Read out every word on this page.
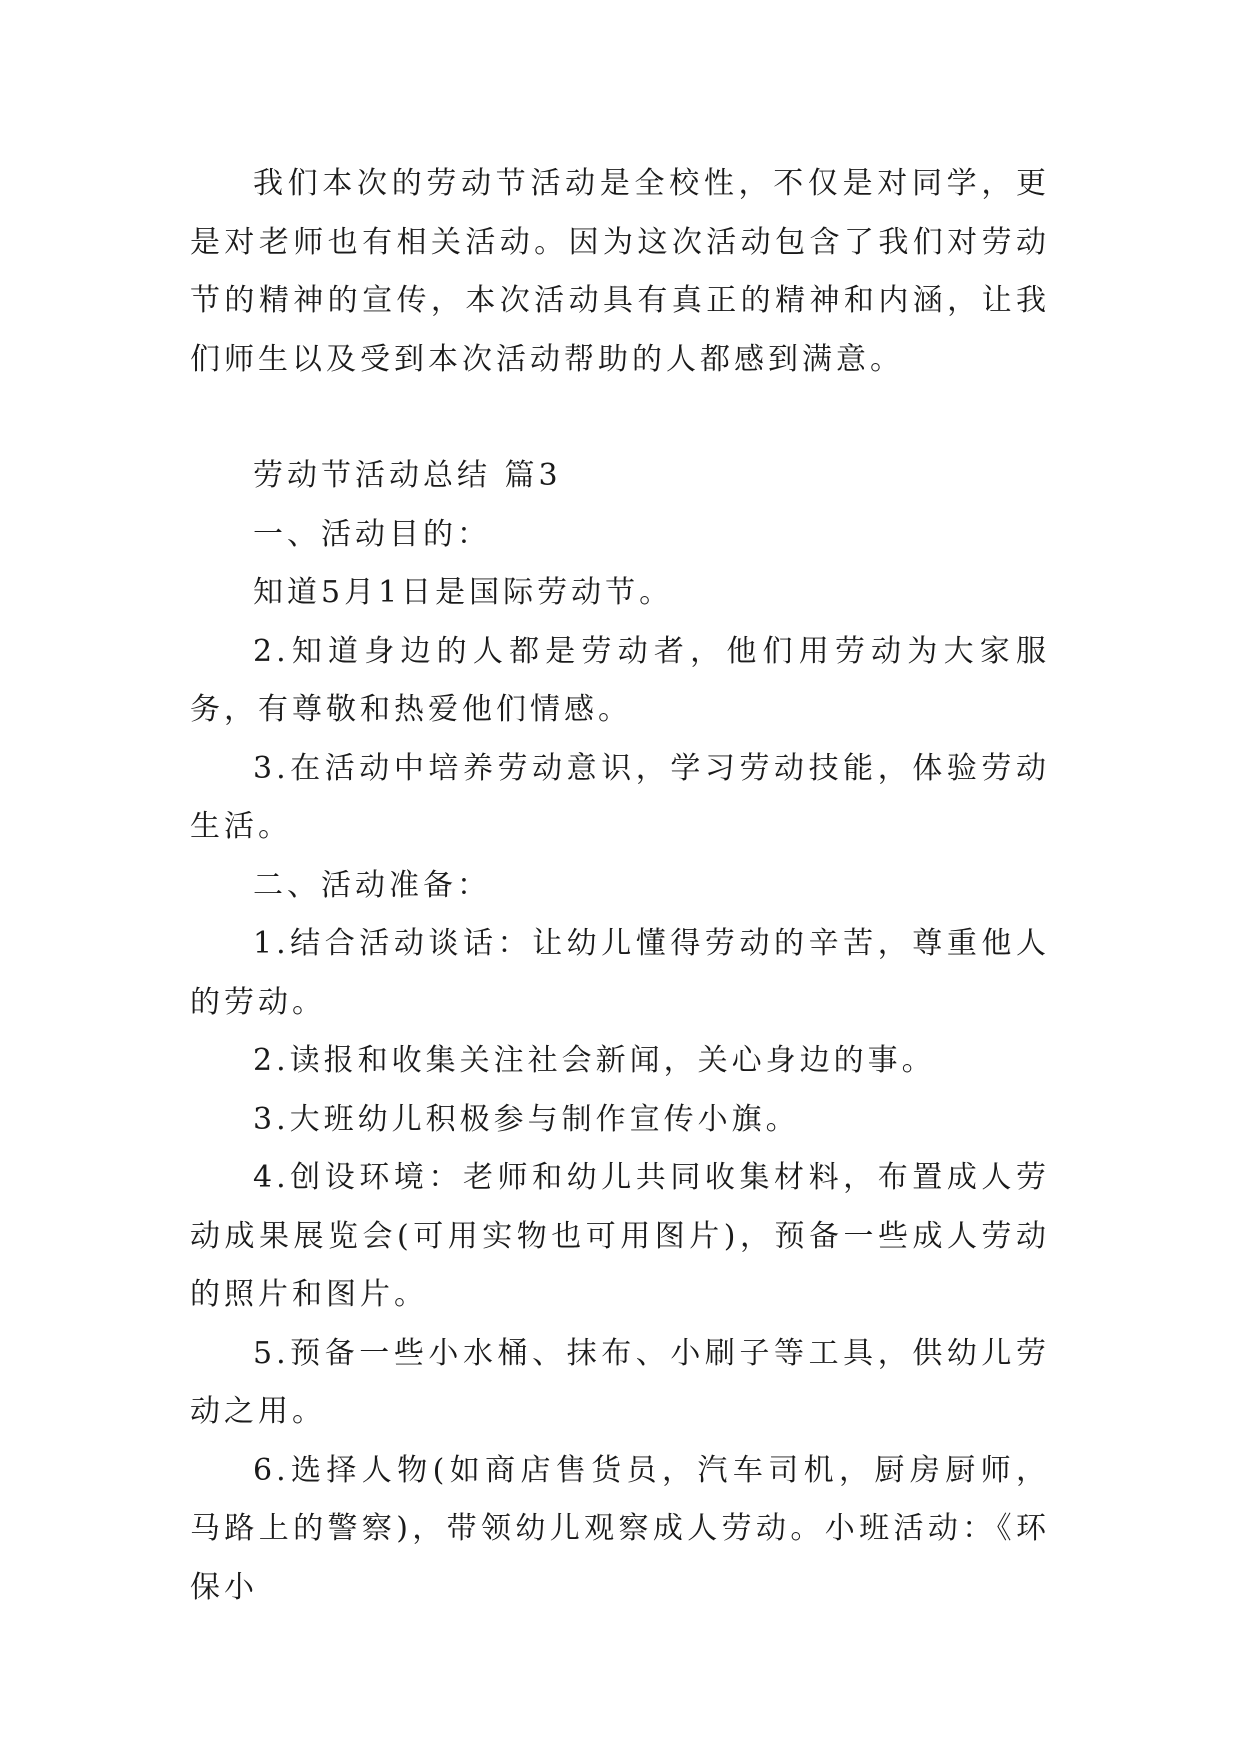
我们本次的劳动节活动是全校性，不仅是对同学，更是对老师也有相关活动。因为这次活动包含了我们对劳动节的精神的宣传，本次活动具有真正的精神和内涵，让我们师生以及受到本次活动帮助的人都感到满意。

劳动节活动总结 篇3

一、活动目的：

知道5月1日是国际劳动节。

2.知道身边的人都是劳动者，他们用劳动为大家服务，有尊敬和热爱他们情感。

3.在活动中培养劳动意识，学习劳动技能，体验劳动生活。

二、活动准备：

1.结合活动谈话：让幼儿懂得劳动的辛苦，尊重他人的劳动。

2.读报和收集关注社会新闻，关心身边的事。

3.大班幼儿积极参与制作宣传小旗。

4.创设环境：老师和幼儿共同收集材料，布置成人劳动成果展览会(可用实物也可用图片)，预备一些成人劳动的照片和图片。

5.预备一些小水桶、抹布、小刷子等工具，供幼儿劳动之用。

6.选择人物(如商店售货员，汽车司机，厨房厨师，马路上的警察)，带领幼儿观察成人劳动。小班活动：《环保小
